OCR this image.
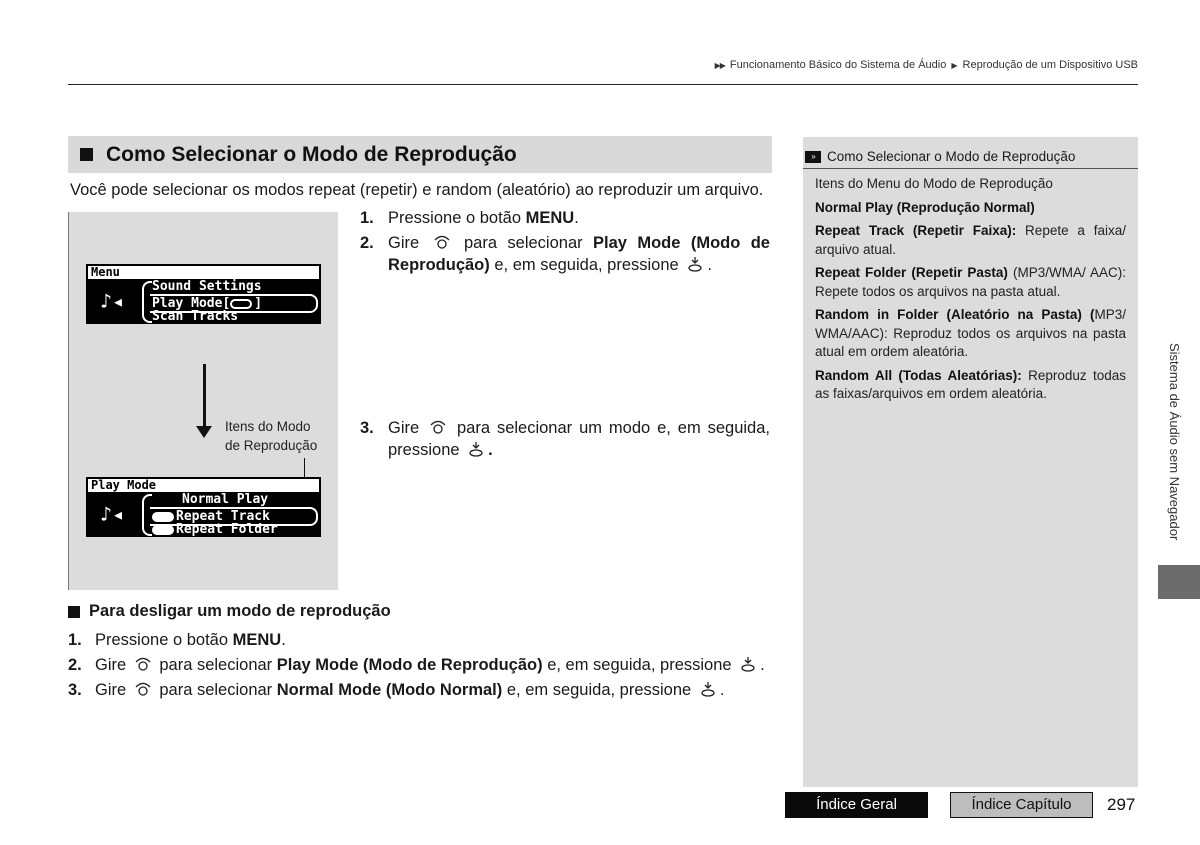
▶▶ Funcionamento Básico do Sistema de Áudio ▶ Reprodução de um Dispositivo USB
Como Selecionar o Modo de Reprodução
Você pode selecionar os modos repeat (repetir) e random (aleatório) ao reproduzir um arquivo.
Menu
♪◂
Sound Settings
Play Mode[ ]
Scan Tracks
Itens do Modo
de Reprodução
Play Mode
♪◂
Normal Play
Repeat Track
Repeat Folder
1. Pressione o botão MENU.
2. Gire  para selecionar Play Mode (Modo de Reprodução) e, em seguida, pressione .
3. Gire  para selecionar um modo e, em seguida, pressione .
Para desligar um modo de reprodução
1. Pressione o botão MENU.
2. Gire  para selecionar Play Mode (Modo de Reprodução) e, em seguida, pressione .
3. Gire  para selecionar Normal Mode (Modo Normal) e, em seguida, pressione .
» Como Selecionar o Modo de Reprodução

Itens do Menu do Modo de Reprodução

Normal Play (Reprodução Normal)

Repeat Track (Repetir Faixa): Repete a faixa/ arquivo atual.

Repeat Folder (Repetir Pasta) (MP3/WMA/ AAC): Repete todos os arquivos na pasta atual.

Random in Folder (Aleatório na Pasta) (MP3/ WMA/AAC): Reproduz todos os arquivos na pasta atual em ordem aleatória.

Random All (Todas Aleatórias): Reproduz todas as faixas/arquivos em ordem aleatória.	Sistema de Áudio sem Navegador
Índice Geral	Índice Capítulo	297
